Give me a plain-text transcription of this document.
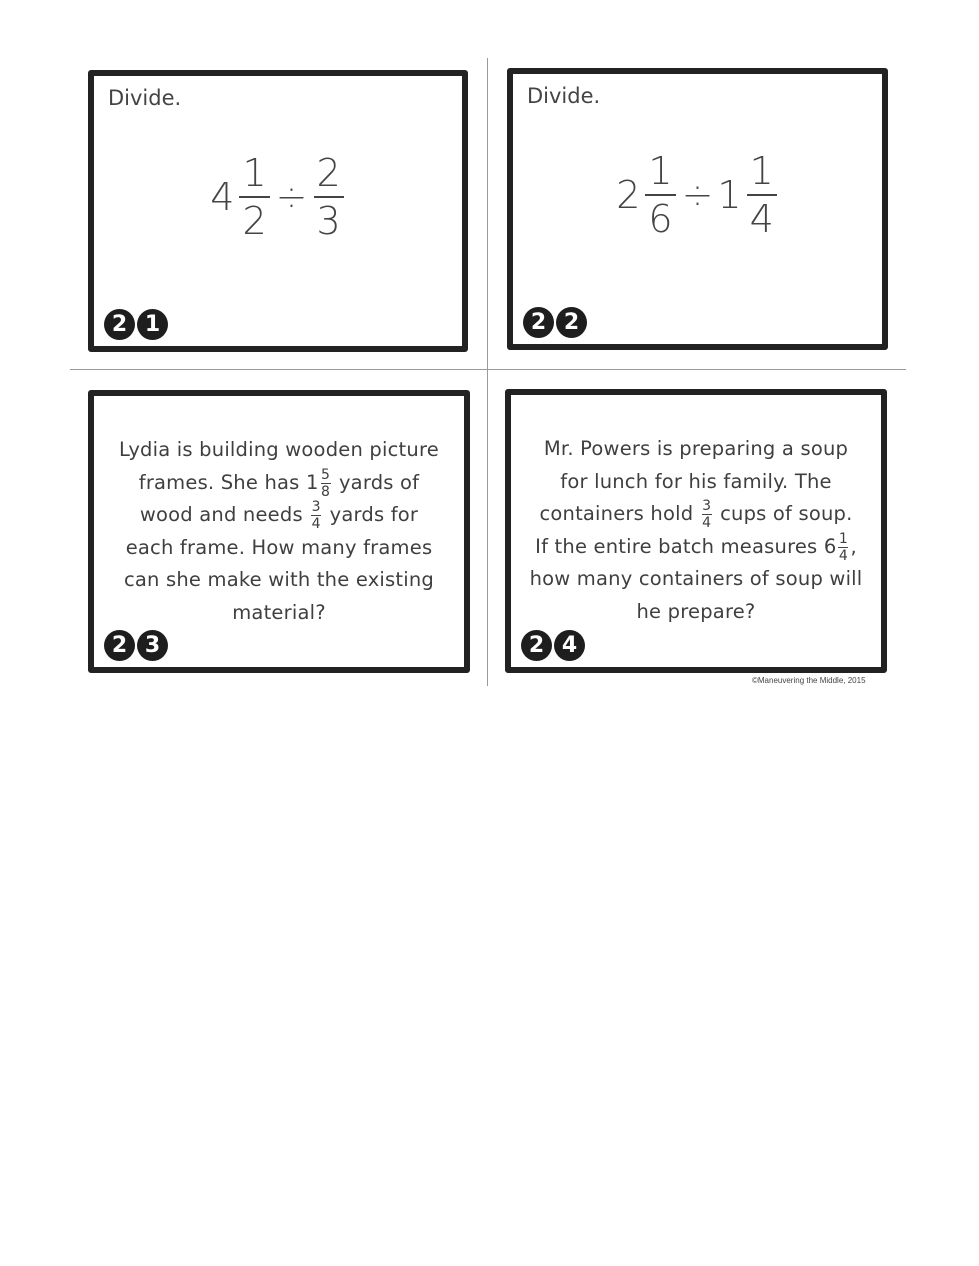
Divide.
$4 \frac{1}{2} \div \frac{2}{3}$
2 1
Divide.
$2 \frac{1}{6} \div 1 \frac{1}{4}$
2 2
Lydia is building wooden picture
frames. She has $1 \frac{5}{8}$ yards of
wood and needs $\frac{3}{4}$ yards for
each frame. How many frames
can she make with the existing
material?
2 3
Mr. Powers is preparing a soup
for lunch for his family. The
containers hold $\frac{3}{4}$ cups of soup.
If the entire batch measures $6 \frac{1}{4}$ ,
how many containers of soup will
he prepare?
2 4
©Maneuvering the Middle, 2015
